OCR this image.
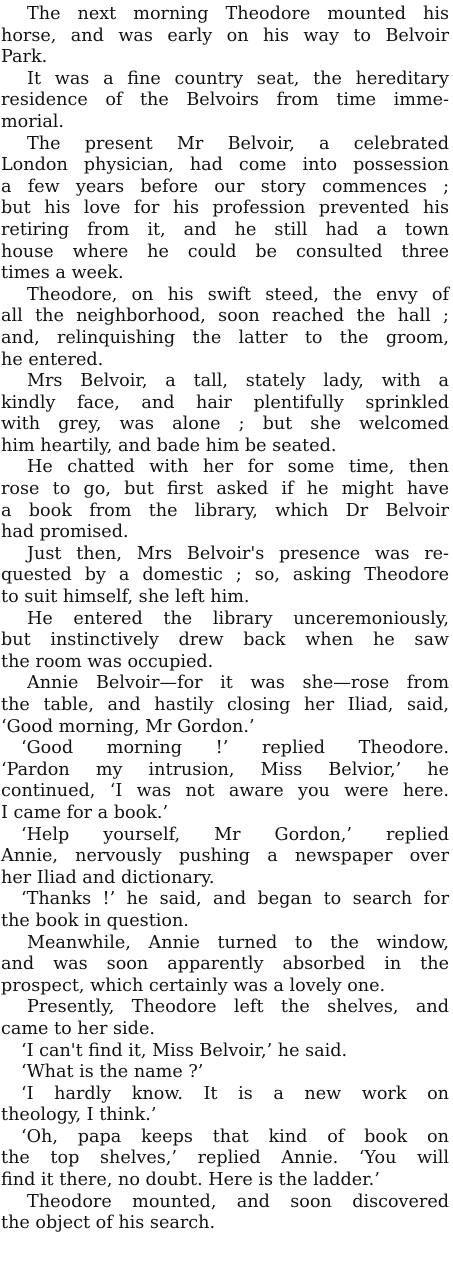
The next morning Theodore mounted his
horse, and was early on his way to Belvoir
Park.
It was a fine country seat, the hereditary
residence of the Belvoirs from time imme-
morial.
The present Mr Belvoir, a celebrated
London physician, had come into possession
a few years before our story commences ;
but his love for his profession prevented his
retiring from it, and he still had a town
house where he could be consulted three
times a week.
Theodore, on his swift steed, the envy of
all the neighborhood, soon reached the hall ;
and, relinquishing the latter to the groom,
he entered.
Mrs Belvoir, a tall, stately lady, with a
kindly face, and hair plentifully sprinkled
with grey, was alone ; but she welcomed
him heartily, and bade him be seated.
He chatted with her for some time, then
rose to go, but first asked if he might have
a book from the library, which Dr Belvoir
had promised.
Just then, Mrs Belvoir's presence was re-
quested by a domestic ; so, asking Theodore
to suit himself, she left him.
He entered the library unceremoniously,
but instinctively drew back when he saw
the room was occupied.
Annie Belvoir—for it was she—rose from
the table, and hastily closing her Iliad, said,
‘Good morning, Mr Gordon.’
‘Good morning !’ replied Theodore.
‘Pardon my intrusion, Miss Belvior,’ he
continued, ‘I was not aware you were here.
I came for a book.’
‘Help yourself, Mr Gordon,’ replied
Annie, nervously pushing a newspaper over
her Iliad and dictionary.
‘Thanks !’ he said, and began to search for
the book in question.
Meanwhile, Annie turned to the window,
and was soon apparently absorbed in the
prospect, which certainly was a lovely one.
Presently, Theodore left the shelves, and
came to her side.
‘I can't find it, Miss Belvoir,’ he said.
‘What is the name ?’
‘I hardly know. It is a new work on
theology, I think.’
‘Oh, papa keeps that kind of book on
the top shelves,’ replied Annie. ‘You will
find it there, no doubt. Here is the ladder.’
Theodore mounted, and soon discovered
the object of his search.
